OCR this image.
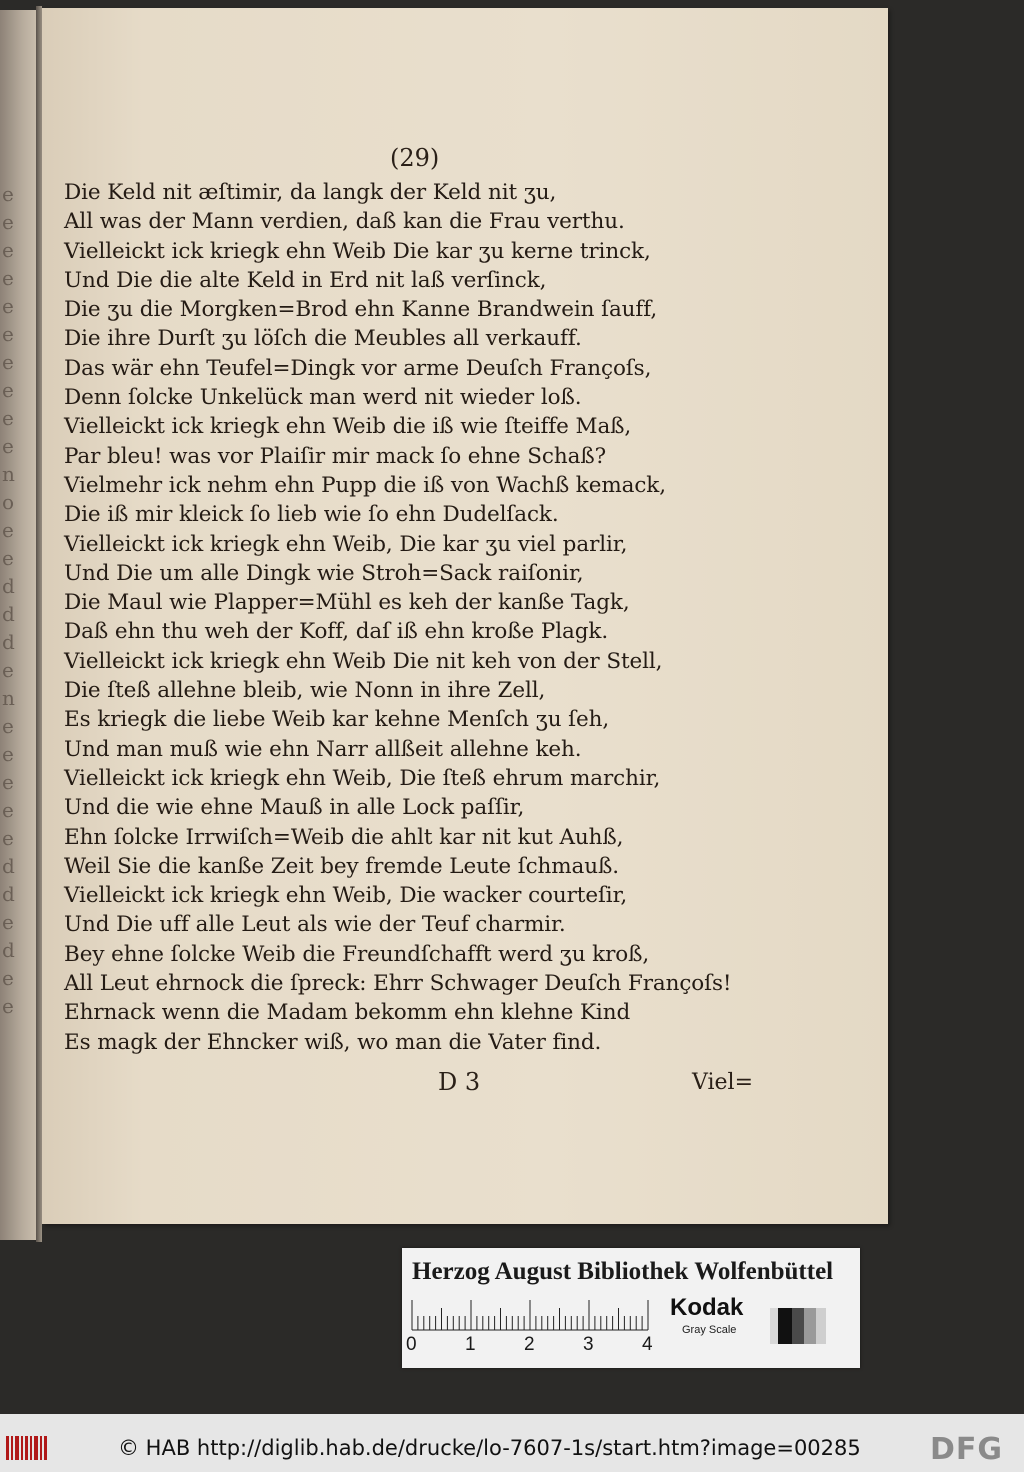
e
e
e
e
e
e
e
e
e
e
n
o
e
e
d
d
d
e
n
e
e
e
e
e
d
d
e
d
e
e
(29)
Die Keld nit æſtimir, da langk der Keld nit ʒu,
All was der Mann verdien, daß kan die Frau verthu.
Vielleickt ick kriegk ehn Weib Die kar ʒu kerne trinck,
Und Die die alte Keld in Erd nit laß verſinck,
Die ʒu die Morgken=Brod ehn Kanne Brandwein ſauff,
Die ihre Durſt ʒu löſch die Meubles all verkauff.
Das wär ehn Teufel=Dingk vor arme Deuſch Françoſs,
Denn ſolcke Unkelück man werd nit wieder loß.
Vielleickt ick kriegk ehn Weib die iß wie ſteiffe Maß,
Par bleu! was vor Plaiſir mir mack ſo ehne Schaß?
Vielmehr ick nehm ehn Pupp die iß von Wachß kemack,
Die iß mir kleick ſo lieb wie ſo ehn Dudelſack.
Vielleickt ick kriegk ehn Weib, Die kar ʒu viel parlir,
Und Die um alle Dingk wie Stroh=Sack raiſonir,
Die Maul wie Plapper=Mühl es keh der kanße Tagk,
Daß ehn thu weh der Koff, daſ iß ehn kroße Plagk.
Vielleickt ick kriegk ehn Weib Die nit keh von der Stell,
Die ſteß allehne bleib, wie Nonn in ihre Zell,
Es kriegk die liebe Weib kar kehne Menſch ʒu ſeh,
Und man muß wie ehn Narr allßeit allehne keh.
Vielleickt ick kriegk ehn Weib, Die ſteß ehrum marchir,
Und die wie ehne Mauß in alle Lock paſſir,
Ehn ſolcke Irrwiſch=Weib die ahlt kar nit kut Auhß,
Weil Sie die kanße Zeit bey fremde Leute ſchmauß.
Vielleickt ick kriegk ehn Weib, Die wacker courteſir,
Und Die uff alle Leut als wie der Teuf charmir.
Bey ehne ſolcke Weib die Freundſchafft werd ʒu kroß,
All Leut ehrnock die ſpreck: Ehrr Schwager Deuſch Françoſs!
Ehrnack wenn die Madam bekomm ehn klehne Kind
Es magk der Ehncker wiß, wo man die Vater find.
D 3	Viel=
Herzog August Bibliothek Wolfenbüttel
0	1	2	3	4
Kodak
Gray Scale
© HAB http://diglib.hab.de/drucke/lo-7607-1s/start.htm?image=00285 DFG
